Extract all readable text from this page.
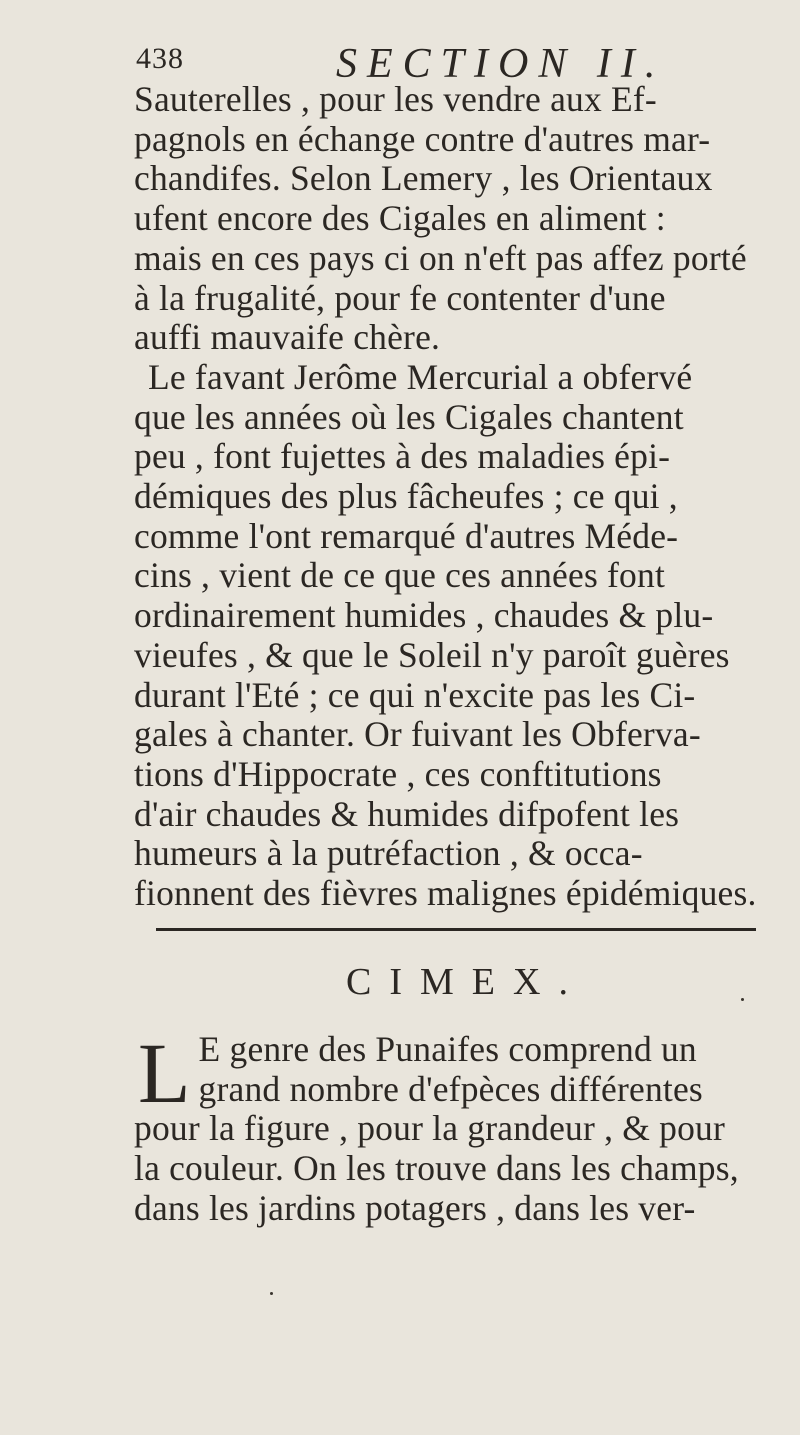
438	SECTION II.
Sauterelles , pour les vendre aux Ef-
pagnols en échange contre d'autres mar-
chandifes. Selon Lemery , les Orientaux
ufent encore des Cigales en aliment :
mais en ces pays ci on n'eft pas affez porté
à la frugalité, pour fe contenter d'une
auffi mauvaife chère.
Le favant Jerôme Mercurial a obfervé
que les années où les Cigales chantent
peu , font fujettes à des maladies épi-
démiques des plus fâcheufes ; ce qui ,
comme l'ont remarqué d'autres Méde-
cins , vient de ce que ces années font
ordinairement humides , chaudes & plu-
vieufes , & que le Soleil n'y paroît guères
durant l'Eté ; ce qui n'excite pas les Ci-
gales à chanter. Or fuivant les Obferva-
tions d'Hippocrate , ces conftitutions
d'air chaudes & humides difpofent les
humeurs à la putréfaction , & occa-
fionnent des fièvres malignes épidémiques.
CIMEX.
L E genre des Punaifes comprend un
grand nombre d'efpèces différentes
pour la figure , pour la grandeur , & pour
la couleur. On les trouve dans les champs,
dans les jardins potagers , dans les ver-
